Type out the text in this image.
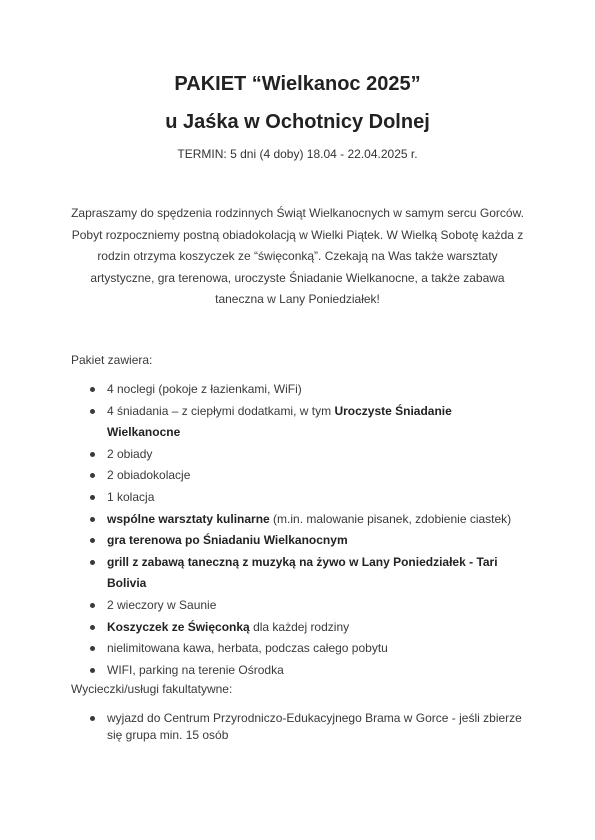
PAKIET “Wielkanoc 2025”
u Jaśka w Ochotnicy Dolnej
TERMIN: 5 dni (4 doby) 18.04 - 22.04.2025 r.

Zapraszamy do spędzenia rodzinnych Świąt Wielkanocnych w samym sercu Gorców. Pobyt rozpoczniemy postną obiadokolacją w Wielki Piątek. W Wielką Sobotę każda z rodzin otrzyma koszyczek ze “święconką”. Czekają na Was także warsztaty artystyczne, gra terenowa, uroczyste Śniadanie Wielkanocne, a także zabawa taneczna w Lany Poniedziałek!

Pakiet zawiera:

4 noclegi (pokoje z łazienkami, WiFi)
4 śniadania – z ciepłymi dodatkami, w tym Uroczyste Śniadanie Wielkanocne
2 obiady
2 obiadokolacje
1 kolacja
wspólne warsztaty kulinarne (m.in. malowanie pisanek, zdobienie ciastek)
gra terenowa po Śniadaniu Wielkanocnym
grill z zabawą taneczną z muzyką na żywo w Lany Poniedziałek - Tari Bolivia
2 wieczory w Saunie
Koszyczek ze Święconką dla każdej rodziny
nielimitowana kawa, herbata, podczas całego pobytu
WIFI, parking na terenie Ośrodka

Wycieczki/usługi fakultatywne:

wyjazd do Centrum Przyrodniczo-Edukacyjnego Brama w Gorce - jeśli zbierze się grupa min. 15 osób
